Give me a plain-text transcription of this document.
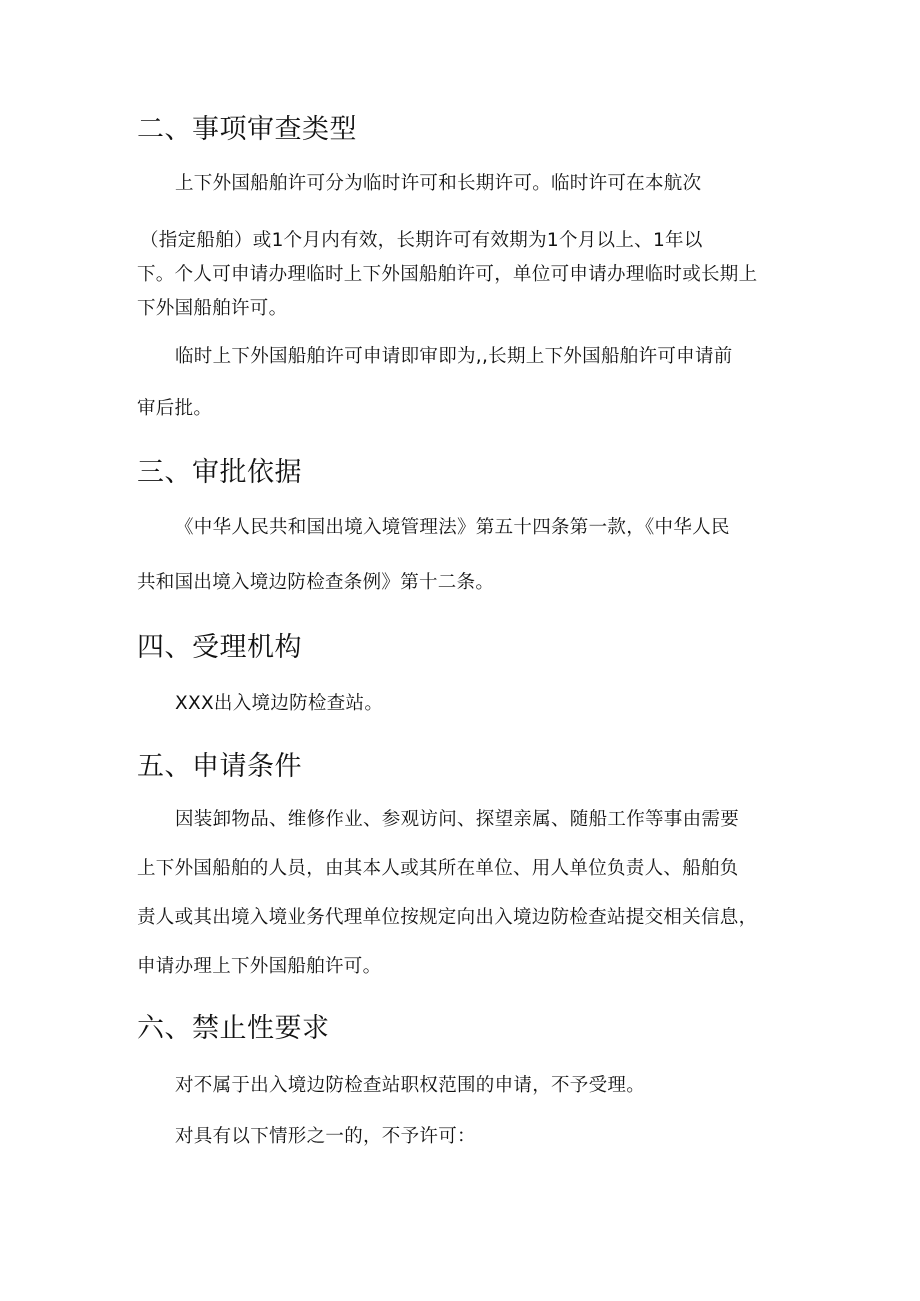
二、事项审查类型

上下外国船舶许可分为临时许可和长期许可。临时许可在本航次

（指定船舶）或1个月内有效，长期许可有效期为1个月以上、1年以

下。个人可申请办理临时上下外国船舶许可，单位可申请办理临时或长期上

下外国船舶许可。

临时上下外国船舶许可申请即审即为,,长期上下外国船舶许可申请前

审后批。

三、审批依据

《中华人民共和国出境入境管理法》第五十四条第一款，《中华人民

共和国出境入境边防检查条例》第十二条。

四、受理机构

XXX出入境边防检查站。

五、申请条件

因装卸物品、维修作业、参观访问、探望亲属、随船工作等事由需要

上下外国船舶的人员，由其本人或其所在单位、用人单位负责人、船舶负

责人或其出境入境业务代理单位按规定向出入境边防检查站提交相关信息，

申请办理上下外国船舶许可。

六、禁止性要求

对不属于出入境边防检查站职权范围的申请，不予受理。

对具有以下情形之一的，不予许可：
